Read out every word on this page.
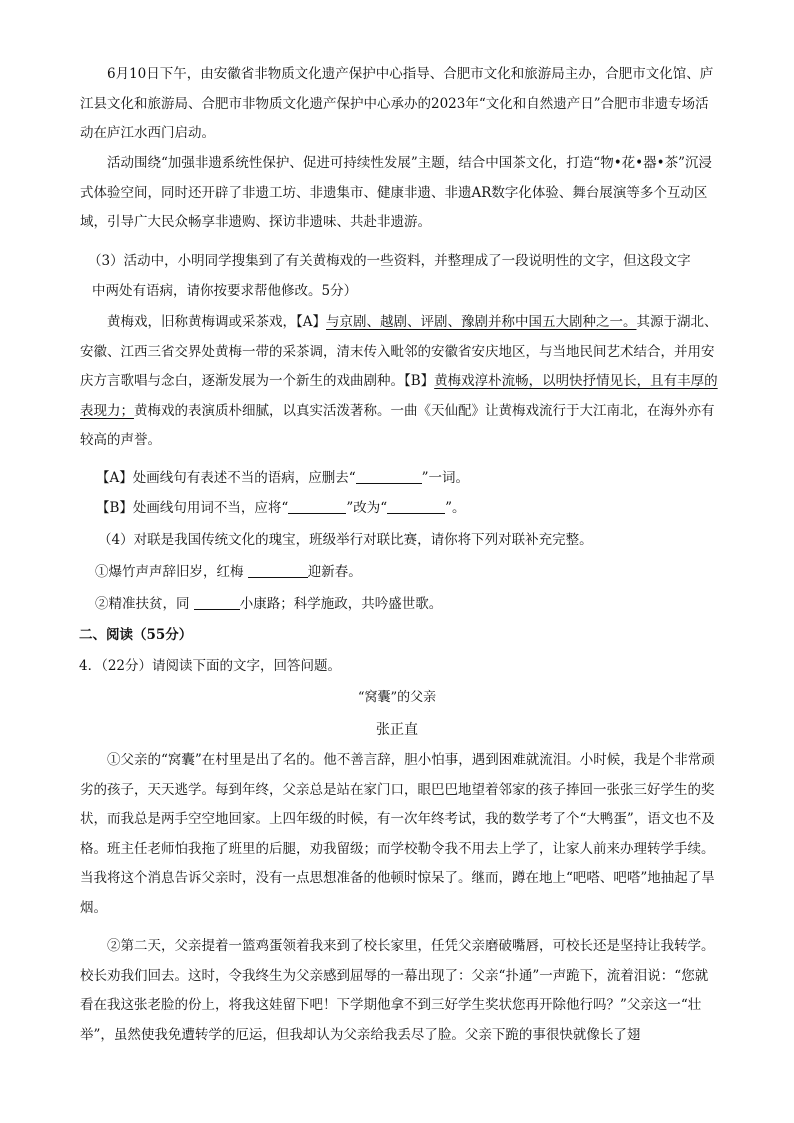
6月10日下午，由安徽省非物质文化遗产保护中心指导、合肥市文化和旅游局主办，合肥市文化馆、庐江县文化和旅游局、合肥市非物质文化遗产保护中心承办的2023年“文化和自然遗产日”合肥市非遗专场活动在庐江水西门启动。

活动围绕“加强非遗系统性保护、促进可持续性发展”主题，结合中国茶文化，打造“物•花•器•茶”沉浸式体验空间，同时还开辟了非遗工坊、非遗集市、健康非遗、非遗AR数字化体验、舞台展演等多个互动区域，引导广大民众畅享非遗购、探访非遗味、共赴非遗游。

（3）活动中，小明同学搜集到了有关黄梅戏的一些资料，并整理成了一段说明性的文字，但这段文字
中两处有语病，请你按要求帮他修改。5分）

黄梅戏，旧称黄梅调或采茶戏，【A】与京剧、越剧、评剧、豫剧并称中国五大剧种之一。其源于湖北、安徽、江西三省交界处黄梅一带的采茶调，清末传入毗邻的安徽省安庆地区，与当地民间艺术结合，并用安庆方言歌唱与念白，逐渐发展为一个新生的戏曲剧种。【B】黄梅戏淳朴流畅，以明快抒情见长，且有丰厚的表现力；黄梅戏的表演质朴细腻，以真实活泼著称。一曲《天仙配》让黄梅戏流行于大江南北，在海外亦有较高的声誉。

【A】处画线句有表述不当的语病，应删去“	”一词。

【B】处画线句用词不当，应将“	”改为“	”。

（4）对联是我国传统文化的瑰宝，班级举行对联比赛，请你将下列对联补充完整。

①爆竹声声辞旧岁，红梅	迎新春。

②精准扶贫，同	小康路；科学施政，共吟盛世歌。

二、阅读（55分）

4．（22分）请阅读下面的文字，回答问题。

“窝囊”的父亲

张正直

①父亲的“窝囊”在村里是出了名的。他不善言辞，胆小怕事，遇到困难就流泪。小时候，我是个非常顽劣的孩子，天天逃学。每到年终，父亲总是站在家门口，眼巴巴地望着邻家的孩子捧回一张张三好学生的奖状，而我总是两手空空地回家。上四年级的时候，有一次年终考试，我的数学考了个“大鸭蛋”，语文也不及格。班主任老师怕我拖了班里的后腿，劝我留级；而学校勒令我不用去上学了，让家人前来办理转学手续。当我将这个消息告诉父亲时，没有一点思想准备的他顿时惊呆了。继而，蹲在地上“吧嗒、吧嗒”地抽起了旱烟。

②第二天，父亲提着一篮鸡蛋领着我来到了校长家里，任凭父亲磨破嘴唇，可校长还是坚持让我转学。校长劝我们回去。这时，令我终生为父亲感到屈辱的一幕出现了：父亲“扑通”一声跪下，流着泪说：“您就看在我这张老脸的份上，将我这娃留下吧！下学期他拿不到三好学生奖状您再开除他行吗？”父亲这一“壮举”，虽然使我免遭转学的厄运，但我却认为父亲给我丢尽了脸。父亲下跪的事很快就像长了翅
